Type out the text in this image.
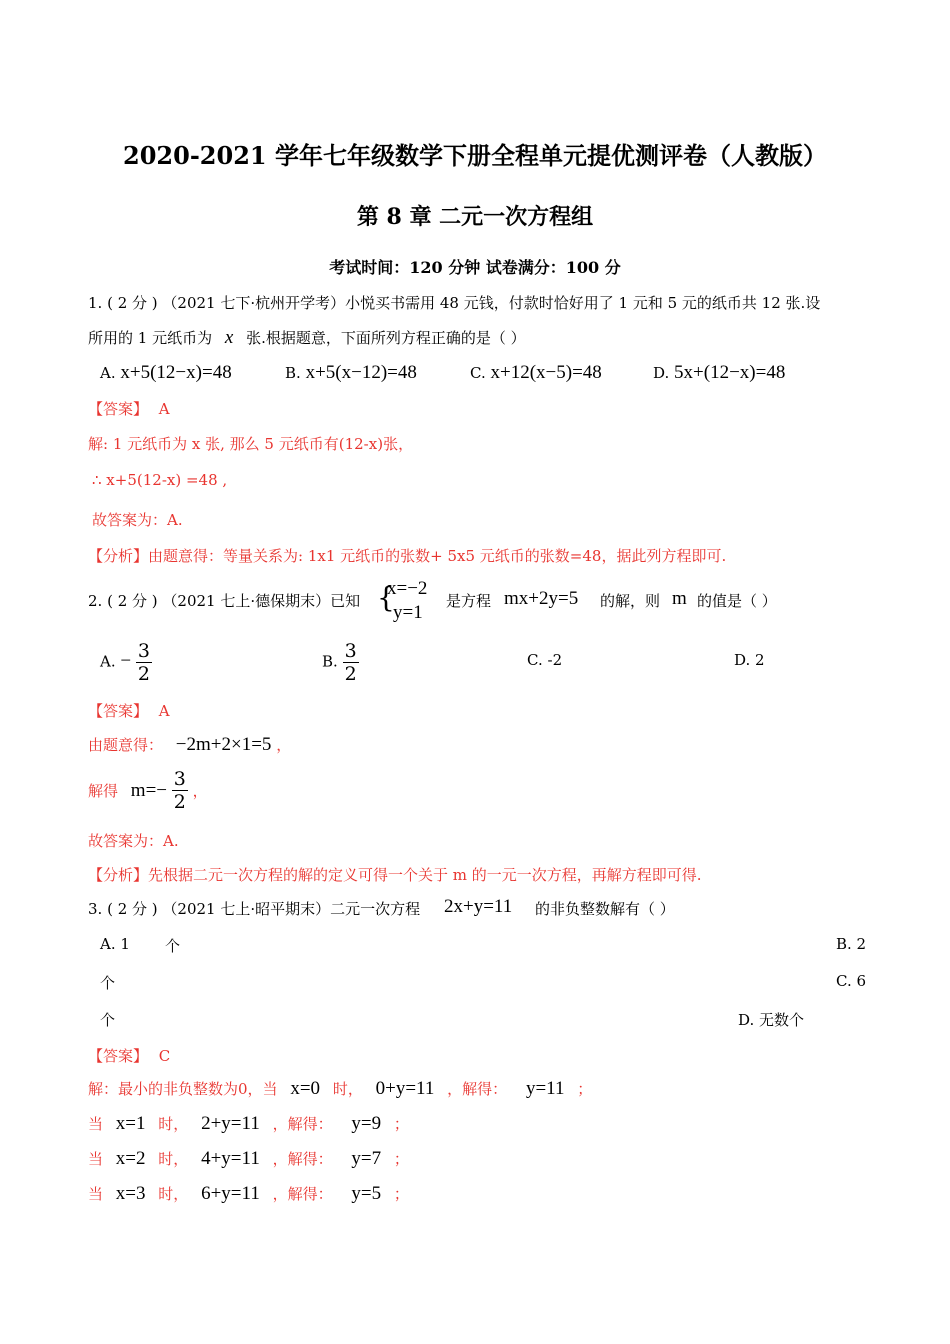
2020-2021 学年七年级数学下册全程单元提优测评卷（人教版）
第 8 章 二元一次方程组
考试时间：120 分钟 试卷满分：100 分
1. ( 2 分 ) （2021 七下·杭州开学考）小悦买书需用 48 元钱，付款时恰好用了 1 元和 5 元的纸币共 12 张.设
所用的 1 元纸币为 x 张.根据题意，下面所列方程正确的是（ ）
A. x+5(12−x)=48	B. x+5(x−12)=48	C. x+12(x−5)=48	D. 5x+(12−x)=48
【答案】 A
解: 1 元纸币为 x 张, 那么 5 元纸币有(12-x)张，
∴ x+5(12-x) =48 ,
故答案为：A.
【分析】由题意得：等量关系为: 1x1 元纸币的张数+ 5x5 元纸币的张数=48，据此列方程即可.
2. ( 2 分 ) （2021 七上·德保期末）已知 {
x=−2
y=1
是方程 mx+2y=5 的解，则 m 的值是（ ）
A. − $\frac{3}{2}$	B. $\frac{3}{2}$	C. -2	D. 2
【答案】 A
由题意得： −2m+2×1=5 ，
解得 $m=- \frac{3}{2}$ ，
故答案为：A.
【分析】先根据二元一次方程的解的定义可得一个关于 m 的一元一次方程，再解方程即可得.
3. ( 2 分 ) （2021 七上·昭平期末）二元一次方程 2x+y=11 的非负整数解有（ ）
A. 1 个	B. 2
个	C. 6
个	D. 无数个
【答案】 C
解：最小的非负整数为0，当 x=0 时， 0+y=11 ，解得： y=11 ；
当 x=1 时， 2+y=11 ，解得： y=9 ；
当 x=2 时， 4+y=11 ，解得： y=7 ；
当 x=3 时， 6+y=11 ，解得： y=5 ；
